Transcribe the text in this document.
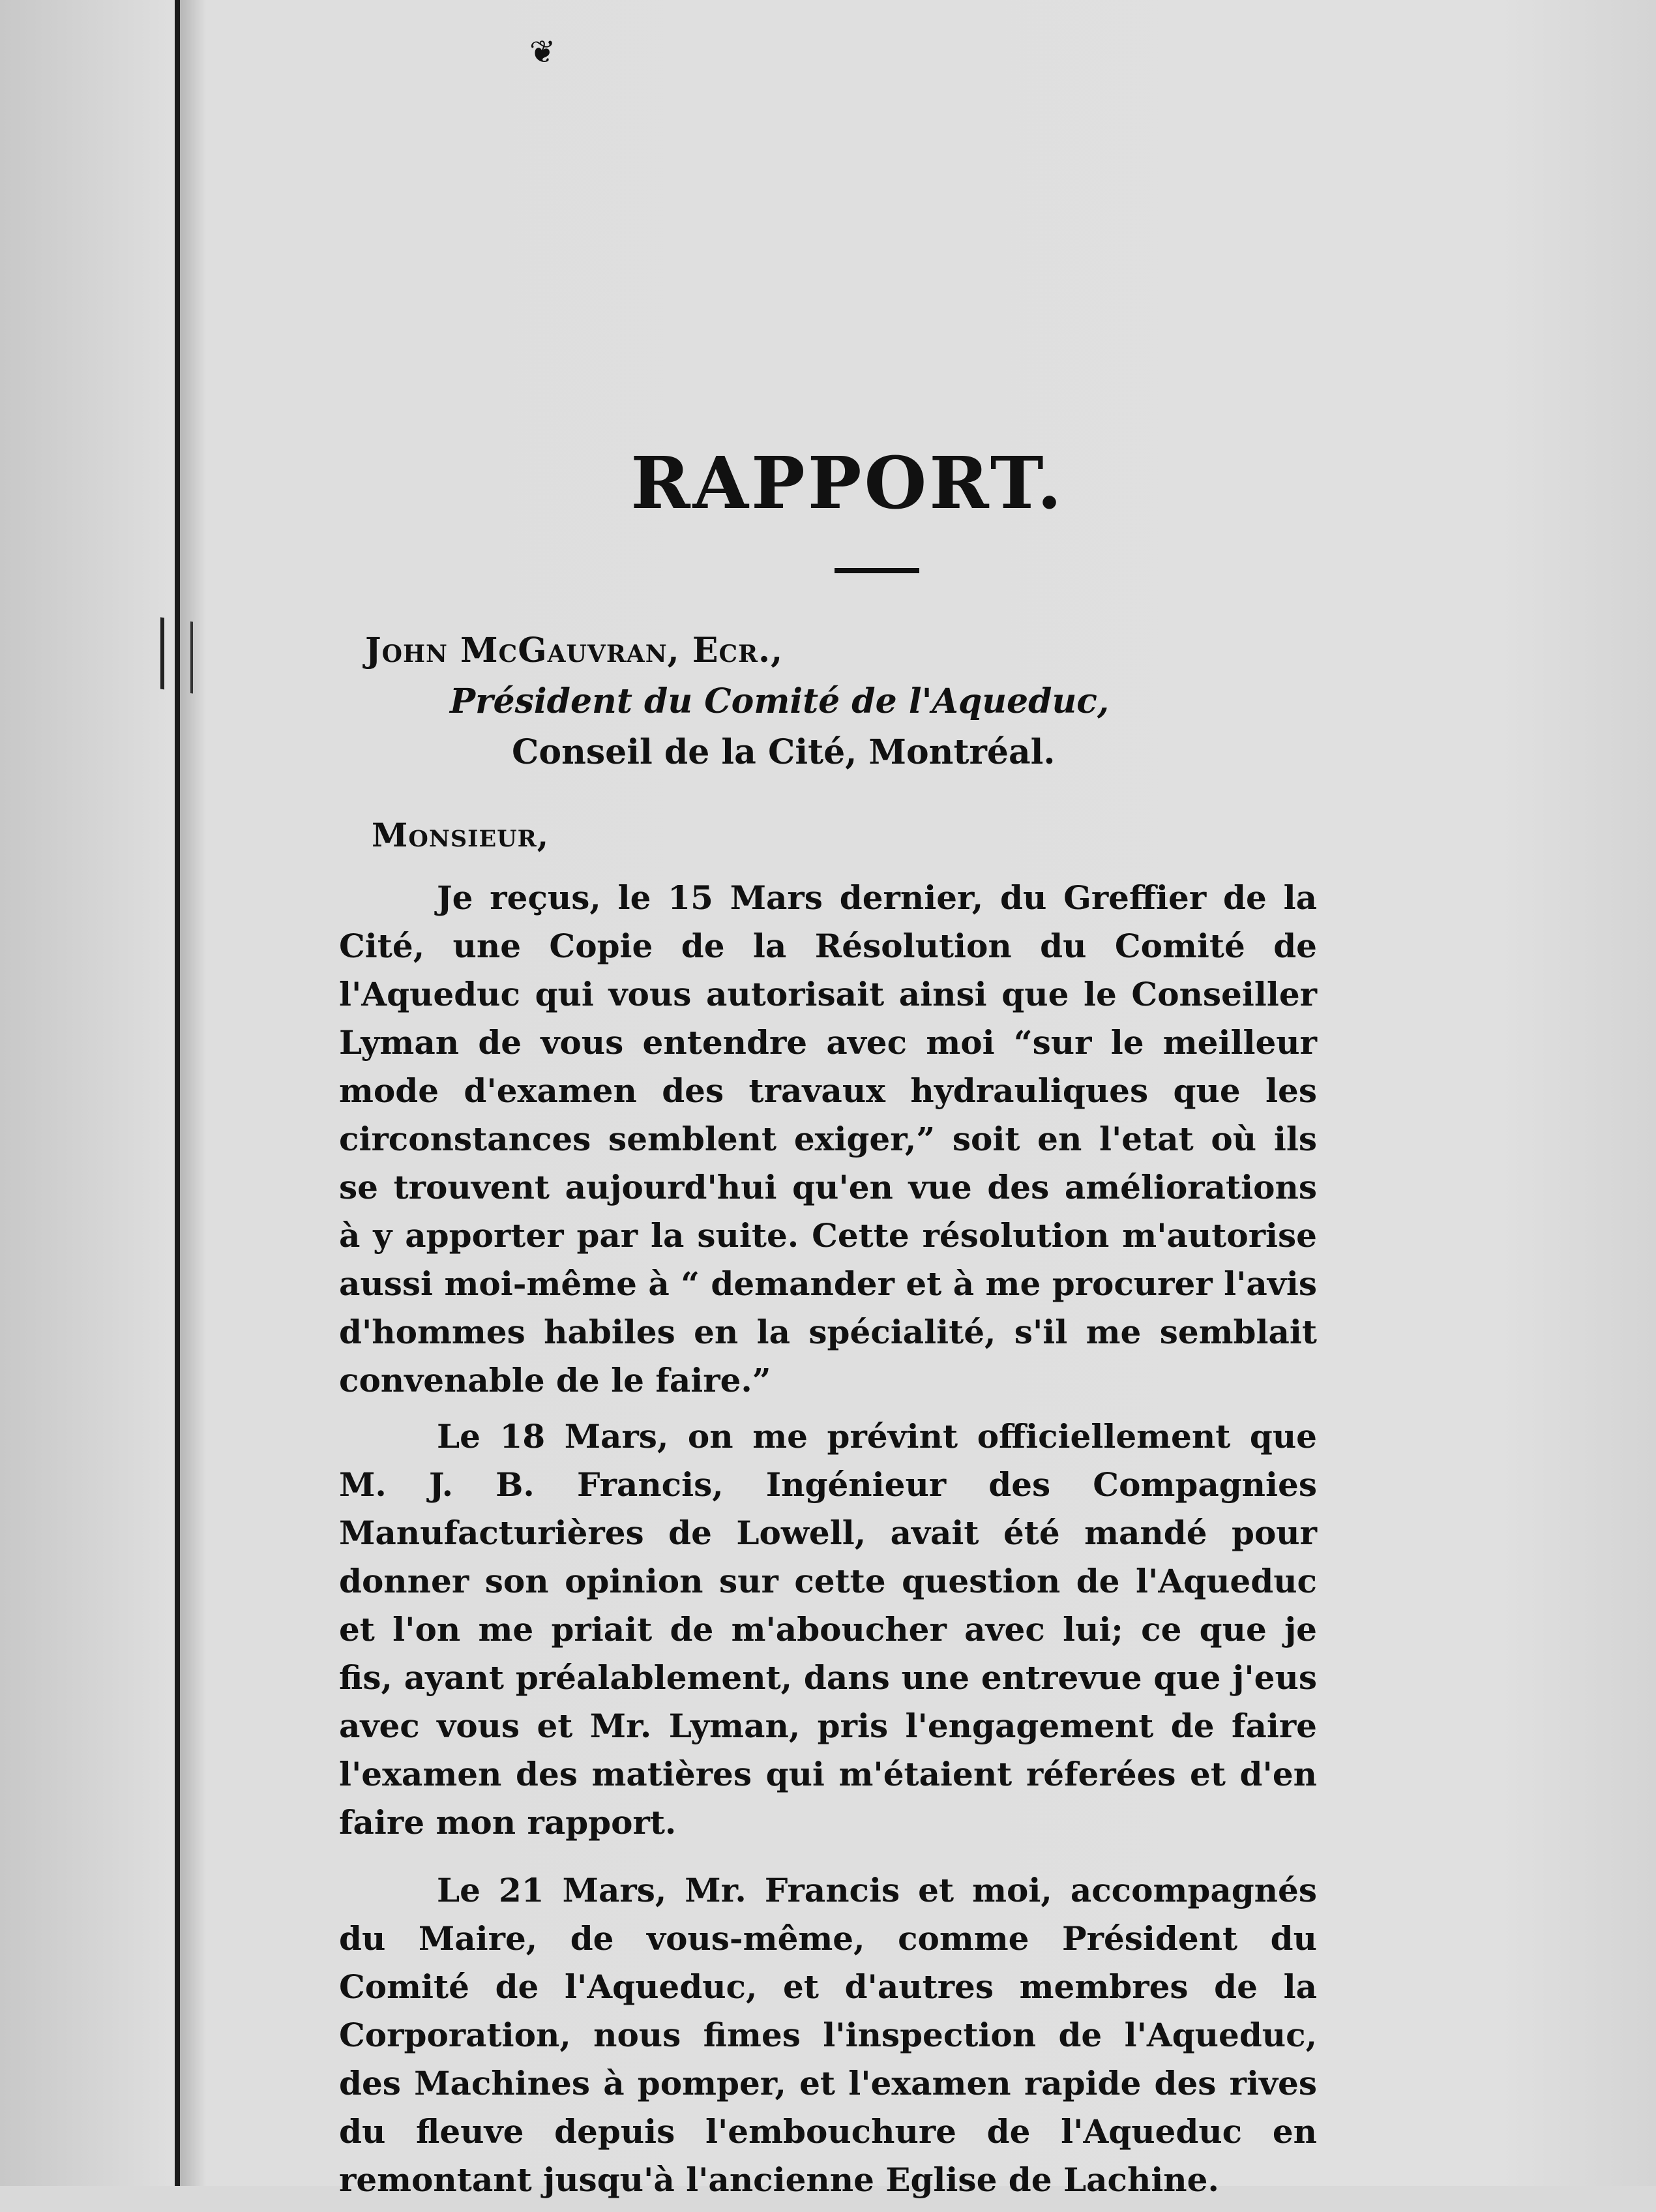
❦
RAPPORT.
John McGauvran, Ecr.,
Président du Comité de l'Aqueduc,
Conseil de la Cité, Montréal.
Monsieur,

Je reçus, le 15 Mars dernier, du Greffier de la Cité, une Copie de la Résolution du Comité de l'Aqueduc qui vous autorisait ainsi que le Conseiller Lyman de vous entendre avec moi “sur le meilleur mode d'examen des travaux hydrauliques que les circonstances semblent exiger,” soit en l'etat où ils se trouvent aujourd'hui qu'en vue des améliorations à y apporter par la suite. Cette résolution m'autorise aussi moi-même à “ demander et à me procurer l'avis d'hommes habiles en la spécialité, s'il me semblait convenable de le faire.”

Le 18 Mars, on me prévint officiellement que M. J. B. Francis, Ingénieur des Compagnies Manufacturières de Lowell, avait été mandé pour donner son opinion sur cette question de l'Aqueduc et l'on me priait de m'aboucher avec lui; ce que je fis, ayant préalablement, dans une entrevue que j'eus avec vous et Mr. Lyman, pris l'engagement de faire l'examen des matières qui m'étaient réferées et d'en faire mon rapport.

Le 21 Mars, Mr. Francis et moi, accompagnés du Maire, de vous-même, comme Président du Comité de l'Aqueduc, et d'autres membres de la Corporation, nous fimes l'inspection de l'Aqueduc, des Machines à pomper, et l'examen rapide des rives du fleuve depuis l'embouchure de l'Aqueduc en remontant jusqu'à l'ancienne Eglise de Lachine.
